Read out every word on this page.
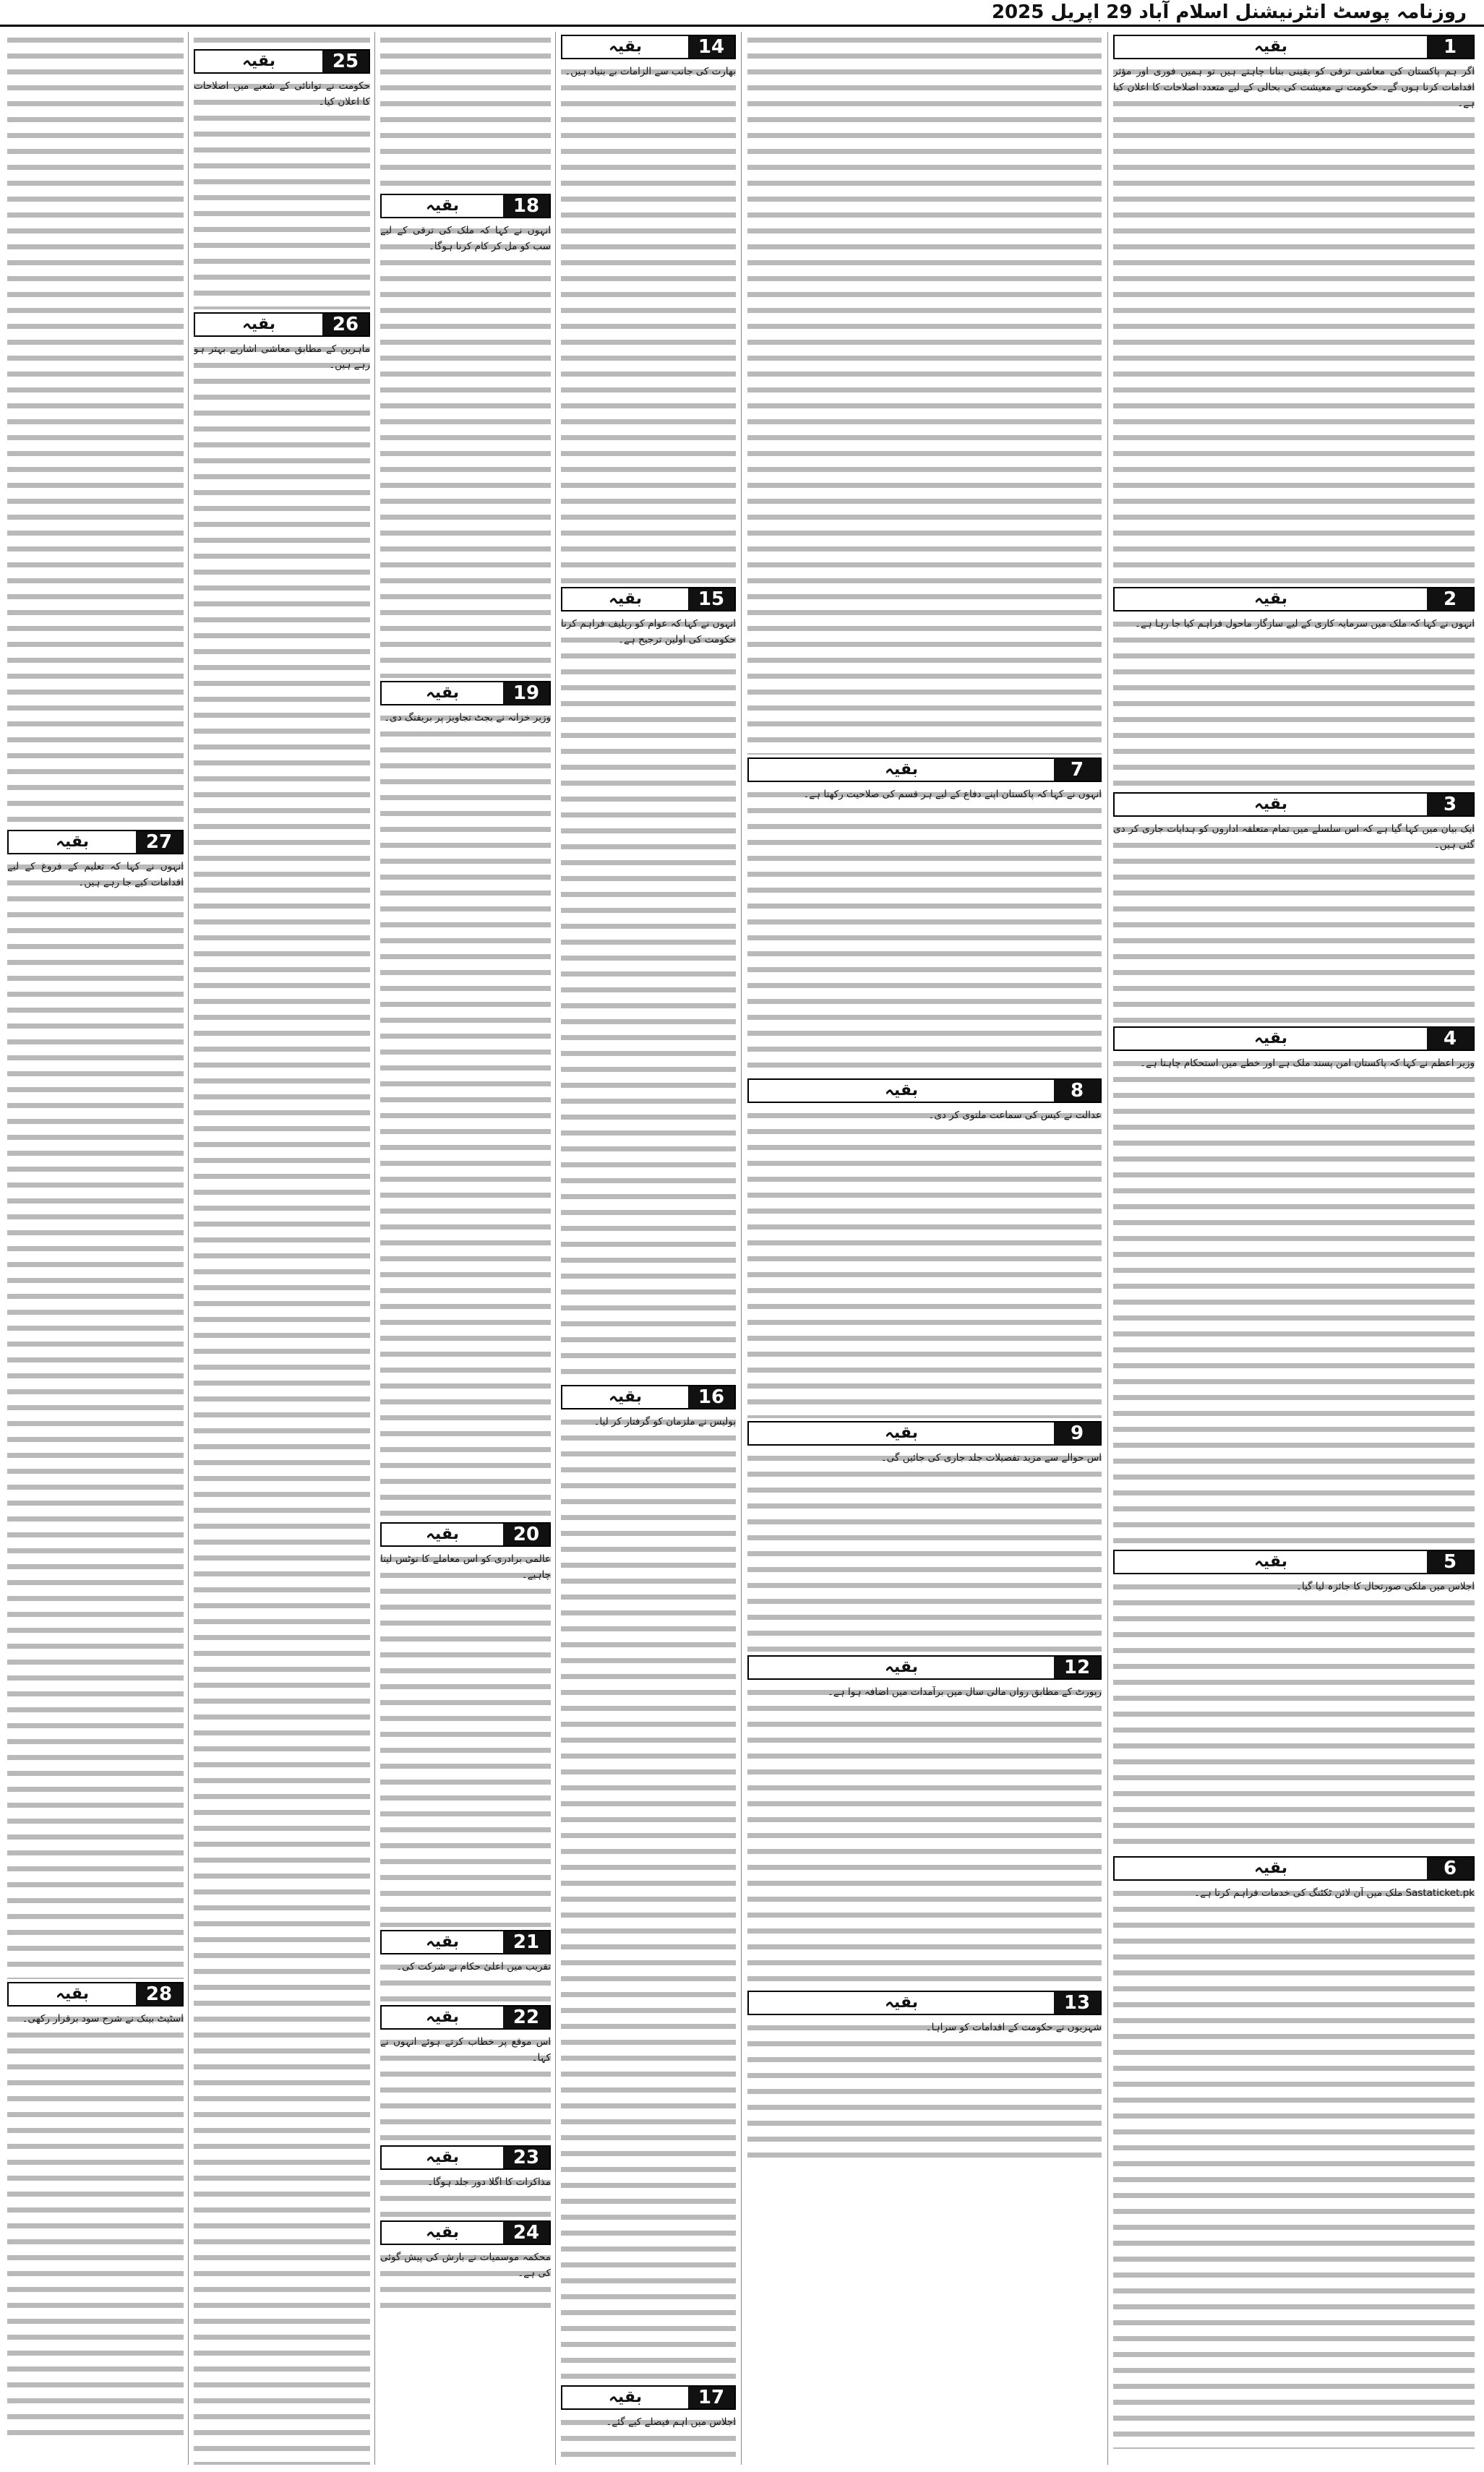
روزنامہ پوسٹ انٹرنیشنل اسلام آباد 29 اپریل 2025
1
بقیہ
اگر ہم پاکستان کی معاشی ترقی کو یقینی بنانا چاہتے ہیں تو ہمیں فوری اور مؤثر اقدامات کرنا ہوں گے۔ حکومت نے معیشت کی بحالی کے لیے متعدد اصلاحات کا اعلان کیا ہے۔
2
بقیہ
انہوں نے کہا کہ ملک میں سرمایہ کاری کے لیے سازگار ماحول فراہم کیا جا رہا ہے۔
3
بقیہ
ایک بیان میں کہا گیا ہے کہ اس سلسلے میں تمام متعلقہ اداروں کو ہدایات جاری کر دی گئی ہیں۔
4
بقیہ
وزیر اعظم نے کہا کہ پاکستان امن پسند ملک ہے اور خطے میں استحکام چاہتا ہے۔
5
بقیہ
اجلاس میں ملکی صورتحال کا جائزہ لیا گیا۔
6
بقیہ
Sastaticket.pk ملک میں آن لائن ٹکٹنگ کی خدمات فراہم کرتا ہے۔
7
بقیہ
انہوں نے کہا کہ پاکستان اپنے دفاع کے لیے ہر قسم کی صلاحیت رکھتا ہے۔
8
بقیہ
عدالت نے کیس کی سماعت ملتوی کر دی۔
9
بقیہ
اس حوالے سے مزید تفصیلات جلد جاری کی جائیں گی۔
12
بقیہ
رپورٹ کے مطابق رواں مالی سال میں برآمدات میں اضافہ ہوا ہے۔
13
بقیہ
شہریوں نے حکومت کے اقدامات کو سراہا۔
14
بقیہ
بھارت کی جانب سے الزامات بے بنیاد ہیں۔
15
بقیہ
انہوں نے کہا کہ عوام کو ریلیف فراہم کرنا حکومت کی اولین ترجیح ہے۔
16
بقیہ
پولیس نے ملزمان کو گرفتار کر لیا۔
17
بقیہ
اجلاس میں اہم فیصلے کیے گئے۔
18
بقیہ
انہوں نے کہا کہ ملک کی ترقی کے لیے سب کو مل کر کام کرنا ہوگا۔
19
بقیہ
وزیر خزانہ نے بجٹ تجاویز پر بریفنگ دی۔
20
بقیہ
عالمی برادری کو اس معاملے کا نوٹس لینا چاہیے۔
21
بقیہ
تقریب میں اعلیٰ حکام نے شرکت کی۔
22
بقیہ
اس موقع پر خطاب کرتے ہوئے انہوں نے کہا۔
23
بقیہ
مذاکرات کا اگلا دور جلد ہوگا۔
24
بقیہ
محکمہ موسمیات نے بارش کی پیش گوئی کی ہے۔
25
بقیہ
حکومت نے توانائی کے شعبے میں اصلاحات کا اعلان کیا۔
26
بقیہ
ماہرین کے مطابق معاشی اشاریے بہتر ہو رہے ہیں۔
27
بقیہ
انہوں نے کہا کہ تعلیم کے فروغ کے لیے اقدامات کیے جا رہے ہیں۔
28
بقیہ
اسٹیٹ بینک نے شرح سود برقرار رکھی۔
